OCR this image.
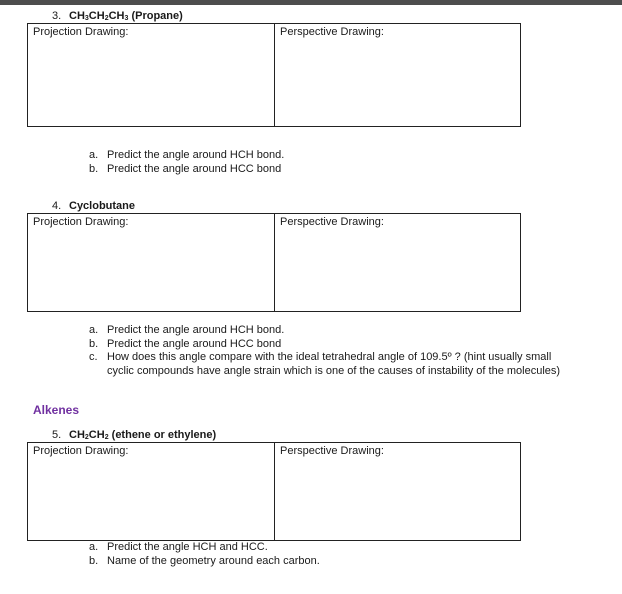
3. CH3CH2CH3 (Propane)
Projection Drawing:	Perspective Drawing:
a. Predict the angle around HCH bond.
b. Predict the angle around HCC bond
4. Cyclobutane
Projection Drawing:	Perspective Drawing:
a. Predict the angle around HCH bond.
b. Predict the angle around HCC bond
c. How does this angle compare with the ideal tetrahedral angle of 109.5º ? (hint usually small cyclic compounds have angle strain which is one of the causes of instability of the molecules)
Alkenes
5. CH2CH2 (ethene or ethylene)
Projection Drawing:	Perspective Drawing:
a. Predict the angle HCH and HCC.
b. Name of the geometry around each carbon.
